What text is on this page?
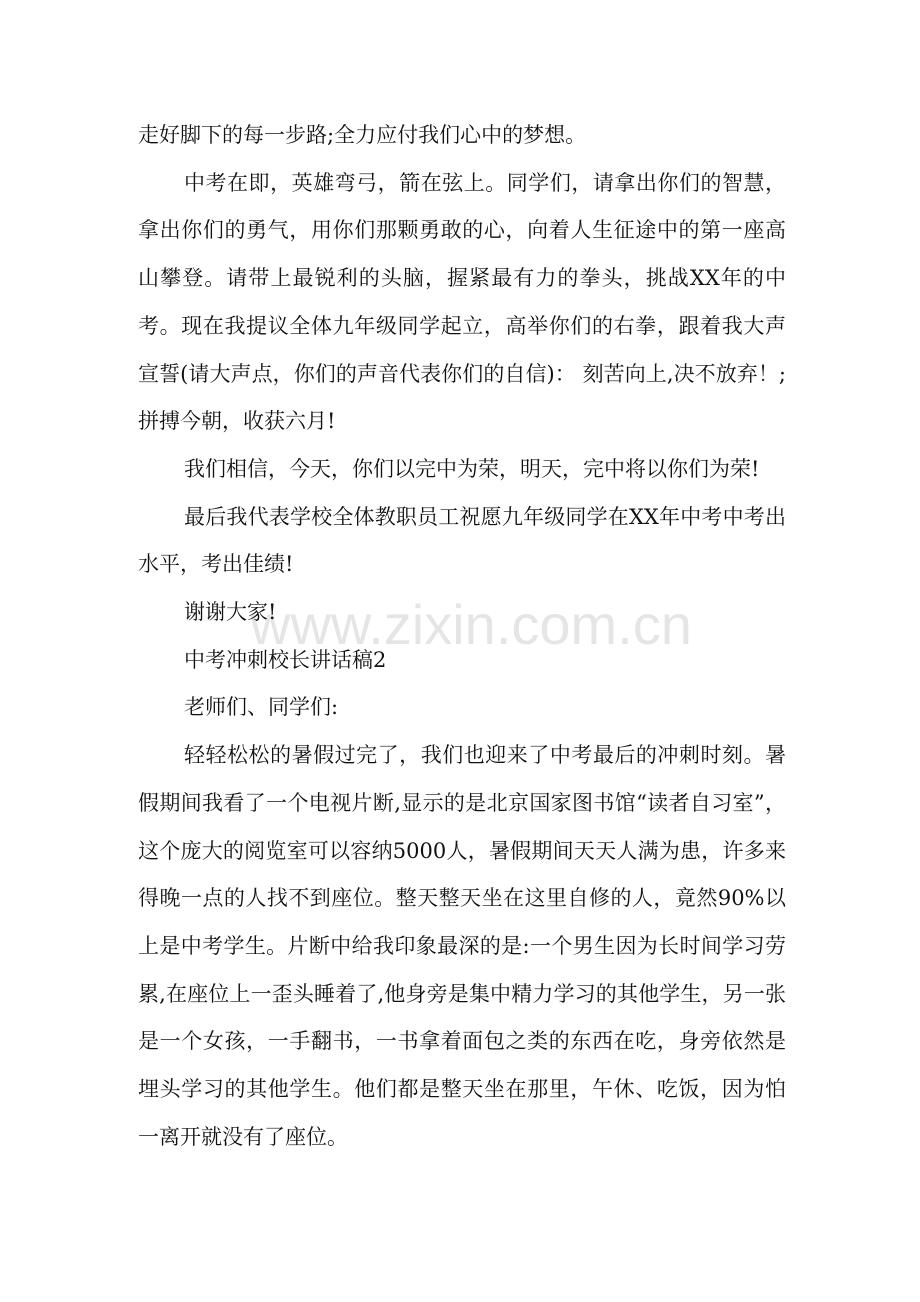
走好脚下的每一步路;全力应付我们心中的梦想。

中考在即，英雄弯弓，箭在弦上。同学们，请拿出你们的智慧，拿出你们的勇气，用你们那颗勇敢的心，向着人生征途中的第一座高山攀登。请带上最锐利的头脑，握紧最有力的拳头，挑战XX年的中考。现在我提议全体九年级同学起立，高举你们的右拳，跟着我大声宣誓(请大声点，你们的声音代表你们的自信)： 刻苦向上,决不放弃！; 拼搏今朝，收获六月!

我们相信，今天，你们以完中为荣，明天，完中将以你们为荣!

最后我代表学校全体教职员工祝愿九年级同学在XX年中考中考出水平，考出佳绩!

谢谢大家!

中考冲刺校长讲话稿2

老师们、同学们:

轻轻松松的暑假过完了，我们也迎来了中考最后的冲刺时刻。暑假期间我看了一个电视片断,显示的是北京国家图书馆“读者自习室”，这个庞大的阅览室可以容纳5000人，暑假期间天天人满为患，许多来得晚一点的人找不到座位。整天整天坐在这里自修的人，竟然90%以上是中考学生。片断中给我印象最深的是:一个男生因为长时间学习劳累,在座位上一歪头睡着了,他身旁是集中精力学习的其他学生，另一张是一个女孩，一手翻书，一书拿着面包之类的东西在吃，身旁依然是埋头学习的其他学生。他们都是整天坐在那里，午休、吃饭，因为怕一离开就没有了座位。

www.zixin.com.cn
